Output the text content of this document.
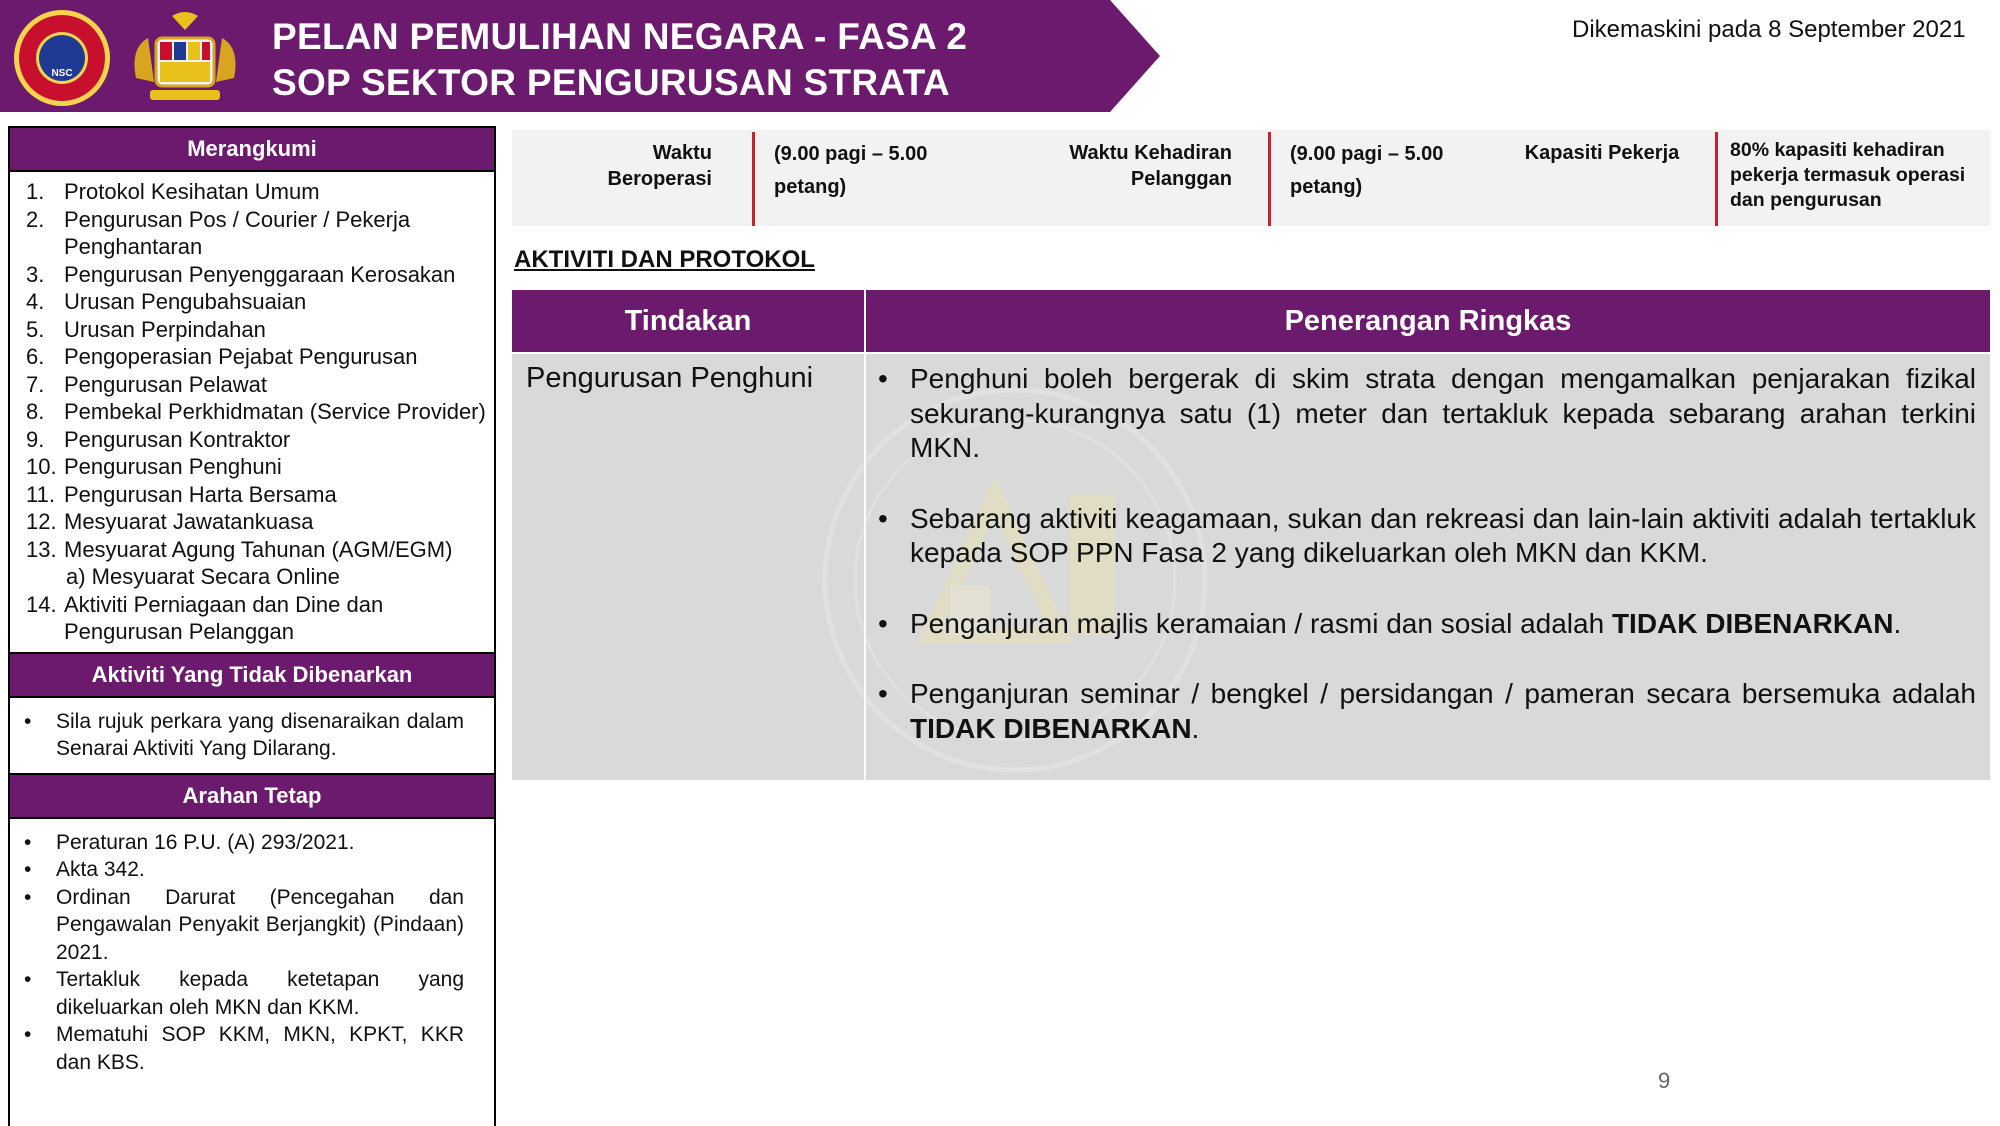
NSC
PELAN PEMULIHAN NEGARA - FASA 2
SOP SEKTOR PENGURUSAN STRATA
Dikemaskini pada 8 September 2021
Merangkumi
1. Protokol Kesihatan Umum
2. Pengurusan Pos / Courier / Pekerja Penghantaran
3. Pengurusan Penyenggaraan Kerosakan
4. Urusan Pengubahsuaian
5. Urusan Perpindahan
6. Pengoperasian Pejabat Pengurusan
7. Pengurusan Pelawat
8. Pembekal Perkhidmatan (Service Provider)
9. Pengurusan Kontraktor
10. Pengurusan Penghuni
11. Pengurusan Harta Bersama
12. Mesyuarat Jawatankuasa
13. Mesyuarat Agung Tahunan (AGM/EGM)
a) Mesyuarat Secara Online
14. Aktiviti Perniagaan dan Dine dan Pengurusan Pelanggan
Aktiviti Yang Tidak Dibenarkan
•	Sila rujuk perkara yang disenaraikan dalam Senarai Aktiviti Yang Dilarang.
Arahan Tetap
•	Peraturan 16 P.U. (A) 293/2021.
•	Akta 342.
•	Ordinan Darurat (Pencegahan dan Pengawalan Penyakit Berjangkit) (Pindaan) 2021.
•	Tertakluk kepada ketetapan yang dikeluarkan oleh MKN dan KKM.
•	Mematuhi SOP KKM, MKN, KPKT, KKR dan KBS.
Waktu Beroperasi
(9.00 pagi – 5.00 petang)
Waktu Kehadiran Pelanggan
(9.00 pagi – 5.00 petang)
Kapasiti Pekerja	80% kapasiti kehadiran pekerja termasuk operasi dan pengurusan
AKTIVITI DAN PROTOKOL
Tindakan	Penerangan Ringkas
Pengurusan Penghuni • Penghuni boleh bergerak di skim strata dengan mengamalkan penjarakan fizikal sekurang-kurangnya satu (1) meter dan tertakluk kepada sebarang arahan terkini MKN.
• Sebarang aktiviti keagamaan, sukan dan rekreasi dan lain-lain aktiviti adalah tertakluk kepada SOP PPN Fasa 2 yang dikeluarkan oleh MKN dan KKM.
• Penganjuran majlis keramaian / rasmi dan sosial adalah TIDAK DIBENARKAN.
• Penganjuran seminar / bengkel / persidangan / pameran secara bersemuka adalah TIDAK DIBENARKAN.
9
